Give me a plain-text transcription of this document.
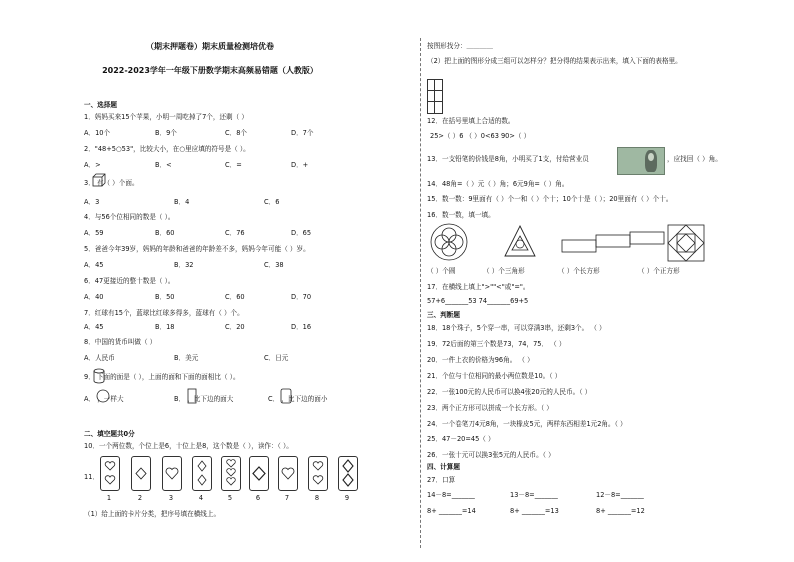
（期末押题卷）期末质量检测培优卷
2022-2023学年一年级下册数学期末高频易错题（人教版）
一、选择题
1．妈妈买来15个苹果，小明一周吃掉了7个，还剩（ ）
A．10个	B．9个	C．8个	D．7个
2．"48+5○53"，比较大小，在○里应填的符号是（ ）。
A．>	B．<	C．=	D．+
3． 有（ ）个面。
A．3	B．4	C．6
4．与56个位相同的数是（ ）。
A．59	B．60	C．76	D．65
5．爸爸今年39岁，妈妈的年龄和爸爸的年龄差不多，妈妈今年可能（ ）岁。
A．45	B．32	C．38
6．47更接近的整十数是（ ）。
A．40	B．50	C．60	D．70
7．红球有15个，蓝球比红球多得多，蓝球有（ ）个。
A．45	B．18	C．20	D．16
8．中国的货币叫做（ ）
A．人民币	B．美元	C．日元
9． 下面的面是（ ），上面的面和下面的面相比（ ）。
A． ，一样大	B． ，比下边的面大	C． ，比下边的面小
二、填空题共0分
10．一个两位数，个位上是6，十位上是8，这个数是（ ），读作：（ ）。
11．
1	2	3	4	5	6	7	8	9
（1）给上面的卡片分类，把序号填在横线上。
按图形找分：＿＿＿＿
（2）把上面的图形分成三组可以怎样分？把分得的结果表示出来，填入下面的表格里。
12．在括号里填上合适的数。
25>（ ）6 （ ）0<63 90>（ ）
13．一支铅笔的价钱是8角，小明买了1支，付给营业员	，应找回（ ）角。
14．48角=（ ）元（ ）角；6元9角=（ ）角。
15．数一数：9里面有（ ）个一和（ ）个十；10个十是（ ）；20里面有（ ）个十。
16．数一数，填一填。
（ ）个圆	（ ）个三角形	（ ）个长方形	（ ）个正方形
17．在横线上填上">""<"或"="。
57+6_______53 74_______69+5
三、判断题
18．18个珠子，5个穿一串，可以穿满3串，还剩3个。 （ ）
19．72后面的第三个数是73，74，75． （ ）
20．一件上衣的价格为96角。 （ ）
21．个位与十位相同的最小两位数是10。（ ）
22．一张100元的人民币可以换4张20元的人民币。（ ）
23．两个正方形可以拼成一个长方形。（ ）
24．一个卷笔刀4元8角，一块橡皮5元，两样东西相差1元2角。（ ）
25．47－20=45（ ）
26．一张十元可以换3张5元的人民币。（ ）
四、计算题
27．口算
14－8=_______	13－8=_______	12－8=_______
8+ _______=14	8+ _______=13	8+ _______=12
